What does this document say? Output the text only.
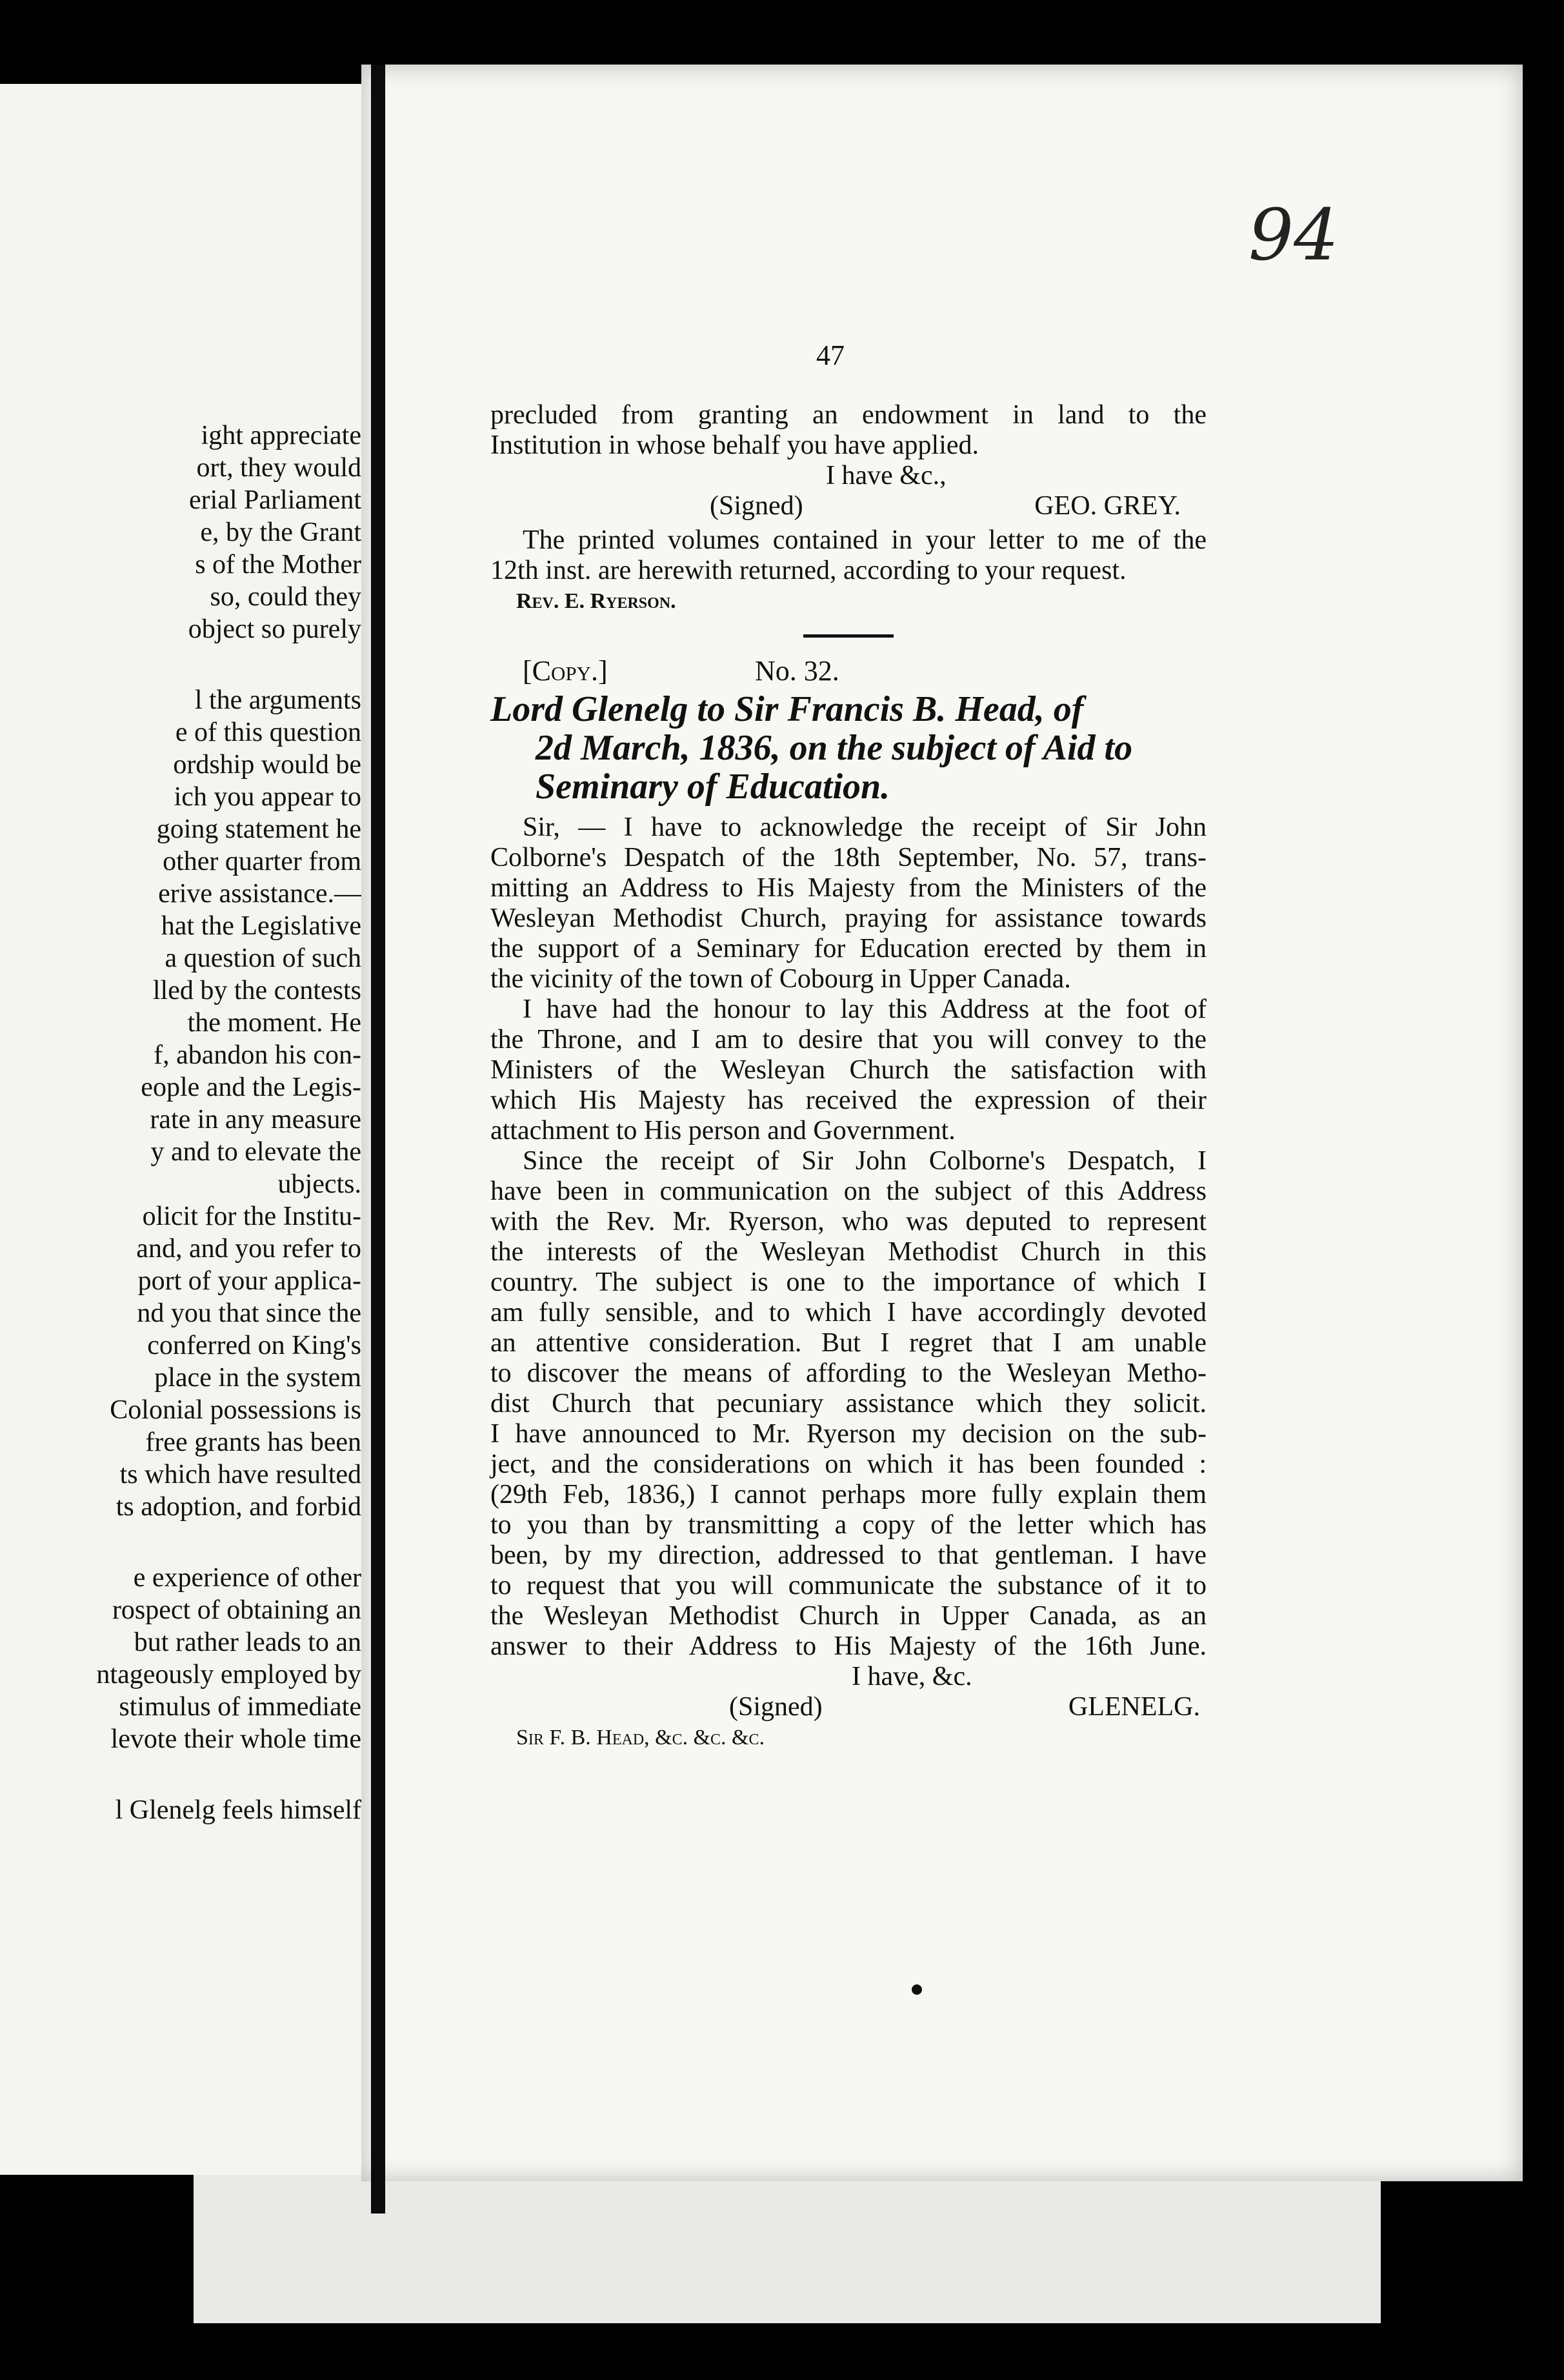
ight appreciate
ort, they would
erial Parliament
e, by the Grant
s of the Mother
so, could they
object so purely
l the arguments
e of this question
ordship would be
ich you appear to
going statement he
other quarter from
erive assistance.—
hat the Legislative
a question of such
lled by the contests
the moment. He
f, abandon his con-
eople and the Legis-
rate in any measure
y and to elevate the
ubjects.
olicit for the Institu-
and, and you refer to
port of your applica-
nd you that since the
conferred on King's
place in the system
Colonial possessions is
free grants has been
ts which have resulted
ts adoption, and forbid
e experience of other
rospect of obtaining an
but rather leads to an
ntageously employed by
stimulus of immediate
levote their whole time
l Glenelg feels himself
94
47
precluded from granting an endowment in land to the
Institution in whose behalf you have applied.
I have &c.,
(Signed)	GEO. GREY.
The printed volumes contained in your letter to me of the
12th inst. are herewith returned, according to your request.
Rev. E. Ryerson.
[Copy.]	No. 32.
Lord Glenelg to Sir Francis B. Head, of
2d March, 1836, on the subject of Aid to
Seminary of Education.
Sir, — I have to acknowledge the receipt of Sir John
Colborne's Despatch of the 18th September, No. 57, trans-
mitting an Address to His Majesty from the Ministers of the
Wesleyan Methodist Church, praying for assistance towards
the support of a Seminary for Education erected by them in
the vicinity of the town of Cobourg in Upper Canada.
I have had the honour to lay this Address at the foot of
the Throne, and I am to desire that you will convey to the
Ministers of the Wesleyan Church the satisfaction with
which His Majesty has received the expression of their
attachment to His person and Government.
Since the receipt of Sir John Colborne's Despatch, I
have been in communication on the subject of this Address
with the Rev. Mr. Ryerson, who was deputed to represent
the interests of the Wesleyan Methodist Church in this
country. The subject is one to the importance of which I
am fully sensible, and to which I have accordingly devoted
an attentive consideration. But I regret that I am unable
to discover the means of affording to the Wesleyan Metho-
dist Church that pecuniary assistance which they solicit.
I have announced to Mr. Ryerson my decision on the sub-
ject, and the considerations on which it has been founded :
(29th Feb, 1836,) I cannot perhaps more fully explain them
to you than by transmitting a copy of the letter which has
been, by my direction, addressed to that gentleman. I have
to request that you will communicate the substance of it to
the Wesleyan Methodist Church in Upper Canada, as an
answer to their Address to His Majesty of the 16th June.
I have, &c.
(Signed)	GLENELG.
Sir F. B. Head, &c. &c. &c.
